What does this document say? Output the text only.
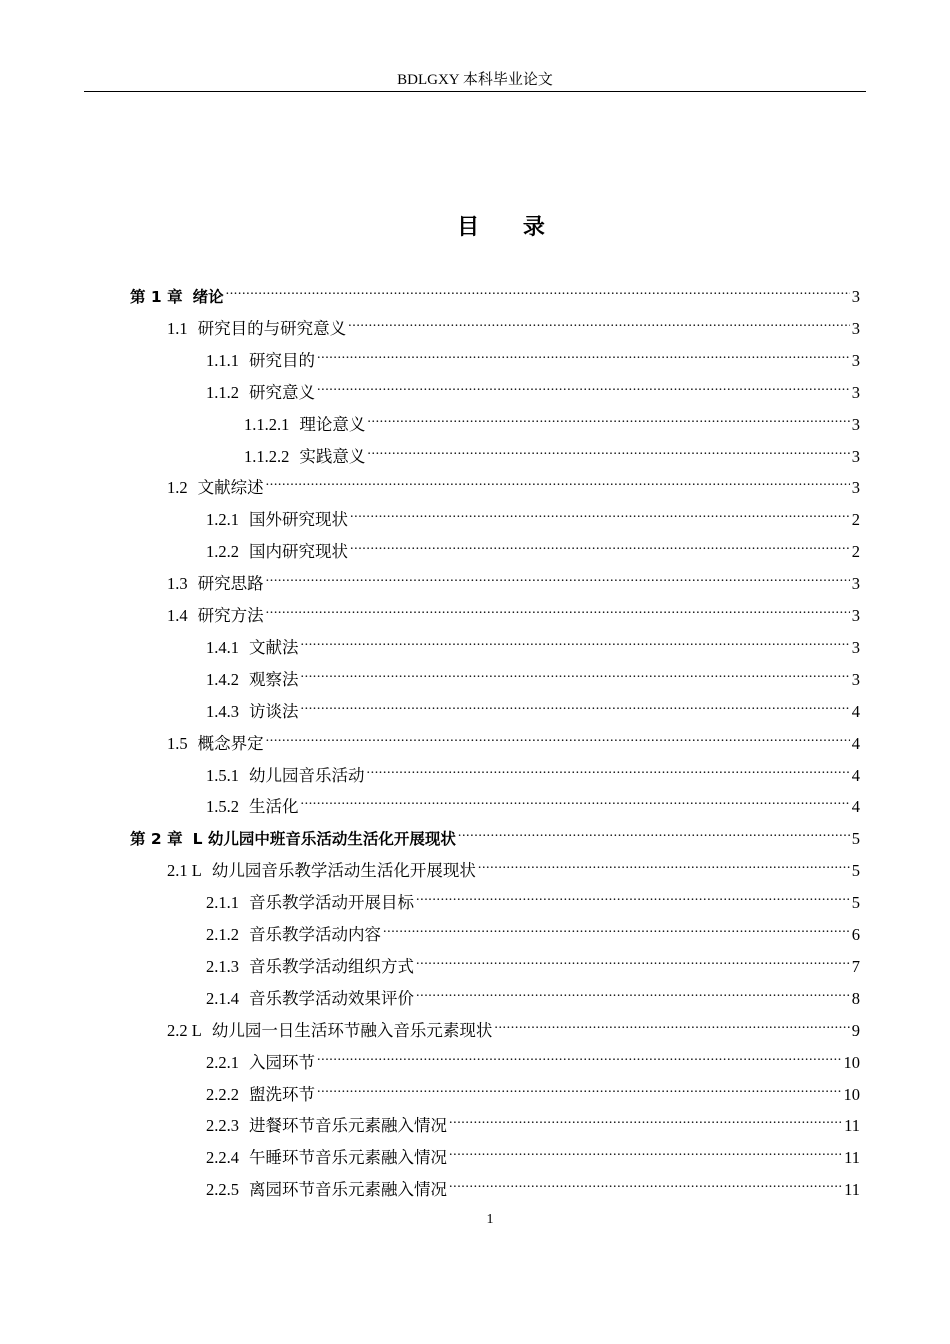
BDLGXY 本科毕业论文
目 录
第 1 章 绪论 .....	3
1.1 研究目的与研究意义 .....	3
1.1.1 研究目的 .....	3
1.1.2 研究意义 .....	3
1.1.2.1 理论意义 .....	3
1.1.2.2 实践意义 .....	3
1.2 文献综述 .....	3
1.2.1 国外研究现状 .....	2
1.2.2 国内研究现状 .....	2
1.3 研究思路 .....	3
1.4 研究方法 .....	3
1.4.1 文献法 .....	3
1.4.2 观察法 .....	3
1.4.3 访谈法 .....	4
1.5 概念界定 .....	4
1.5.1 幼儿园音乐活动 .....	4
1.5.2 生活化 .....	4
第 2 章 L 幼儿园中班音乐活动生活化开展现状 .....	5
2.1 L 幼儿园音乐教学活动生活化开展现状 .....	5
2.1.1 音乐教学活动开展目标 .....	5
2.1.2 音乐教学活动内容 .....	6
2.1.3 音乐教学活动组织方式 .....	7
2.1.4 音乐教学活动效果评价 .....	8
2.2 L 幼儿园一日生活环节融入音乐元素现状 .....	9
2.2.1 入园环节 .....	10
2.2.2 盥洗环节 .....	10
2.2.3 进餐环节音乐元素融入情况 .....	11
2.2.4 午睡环节音乐元素融入情况 .....	11
2.2.5 离园环节音乐元素融入情况 .....	11
1
